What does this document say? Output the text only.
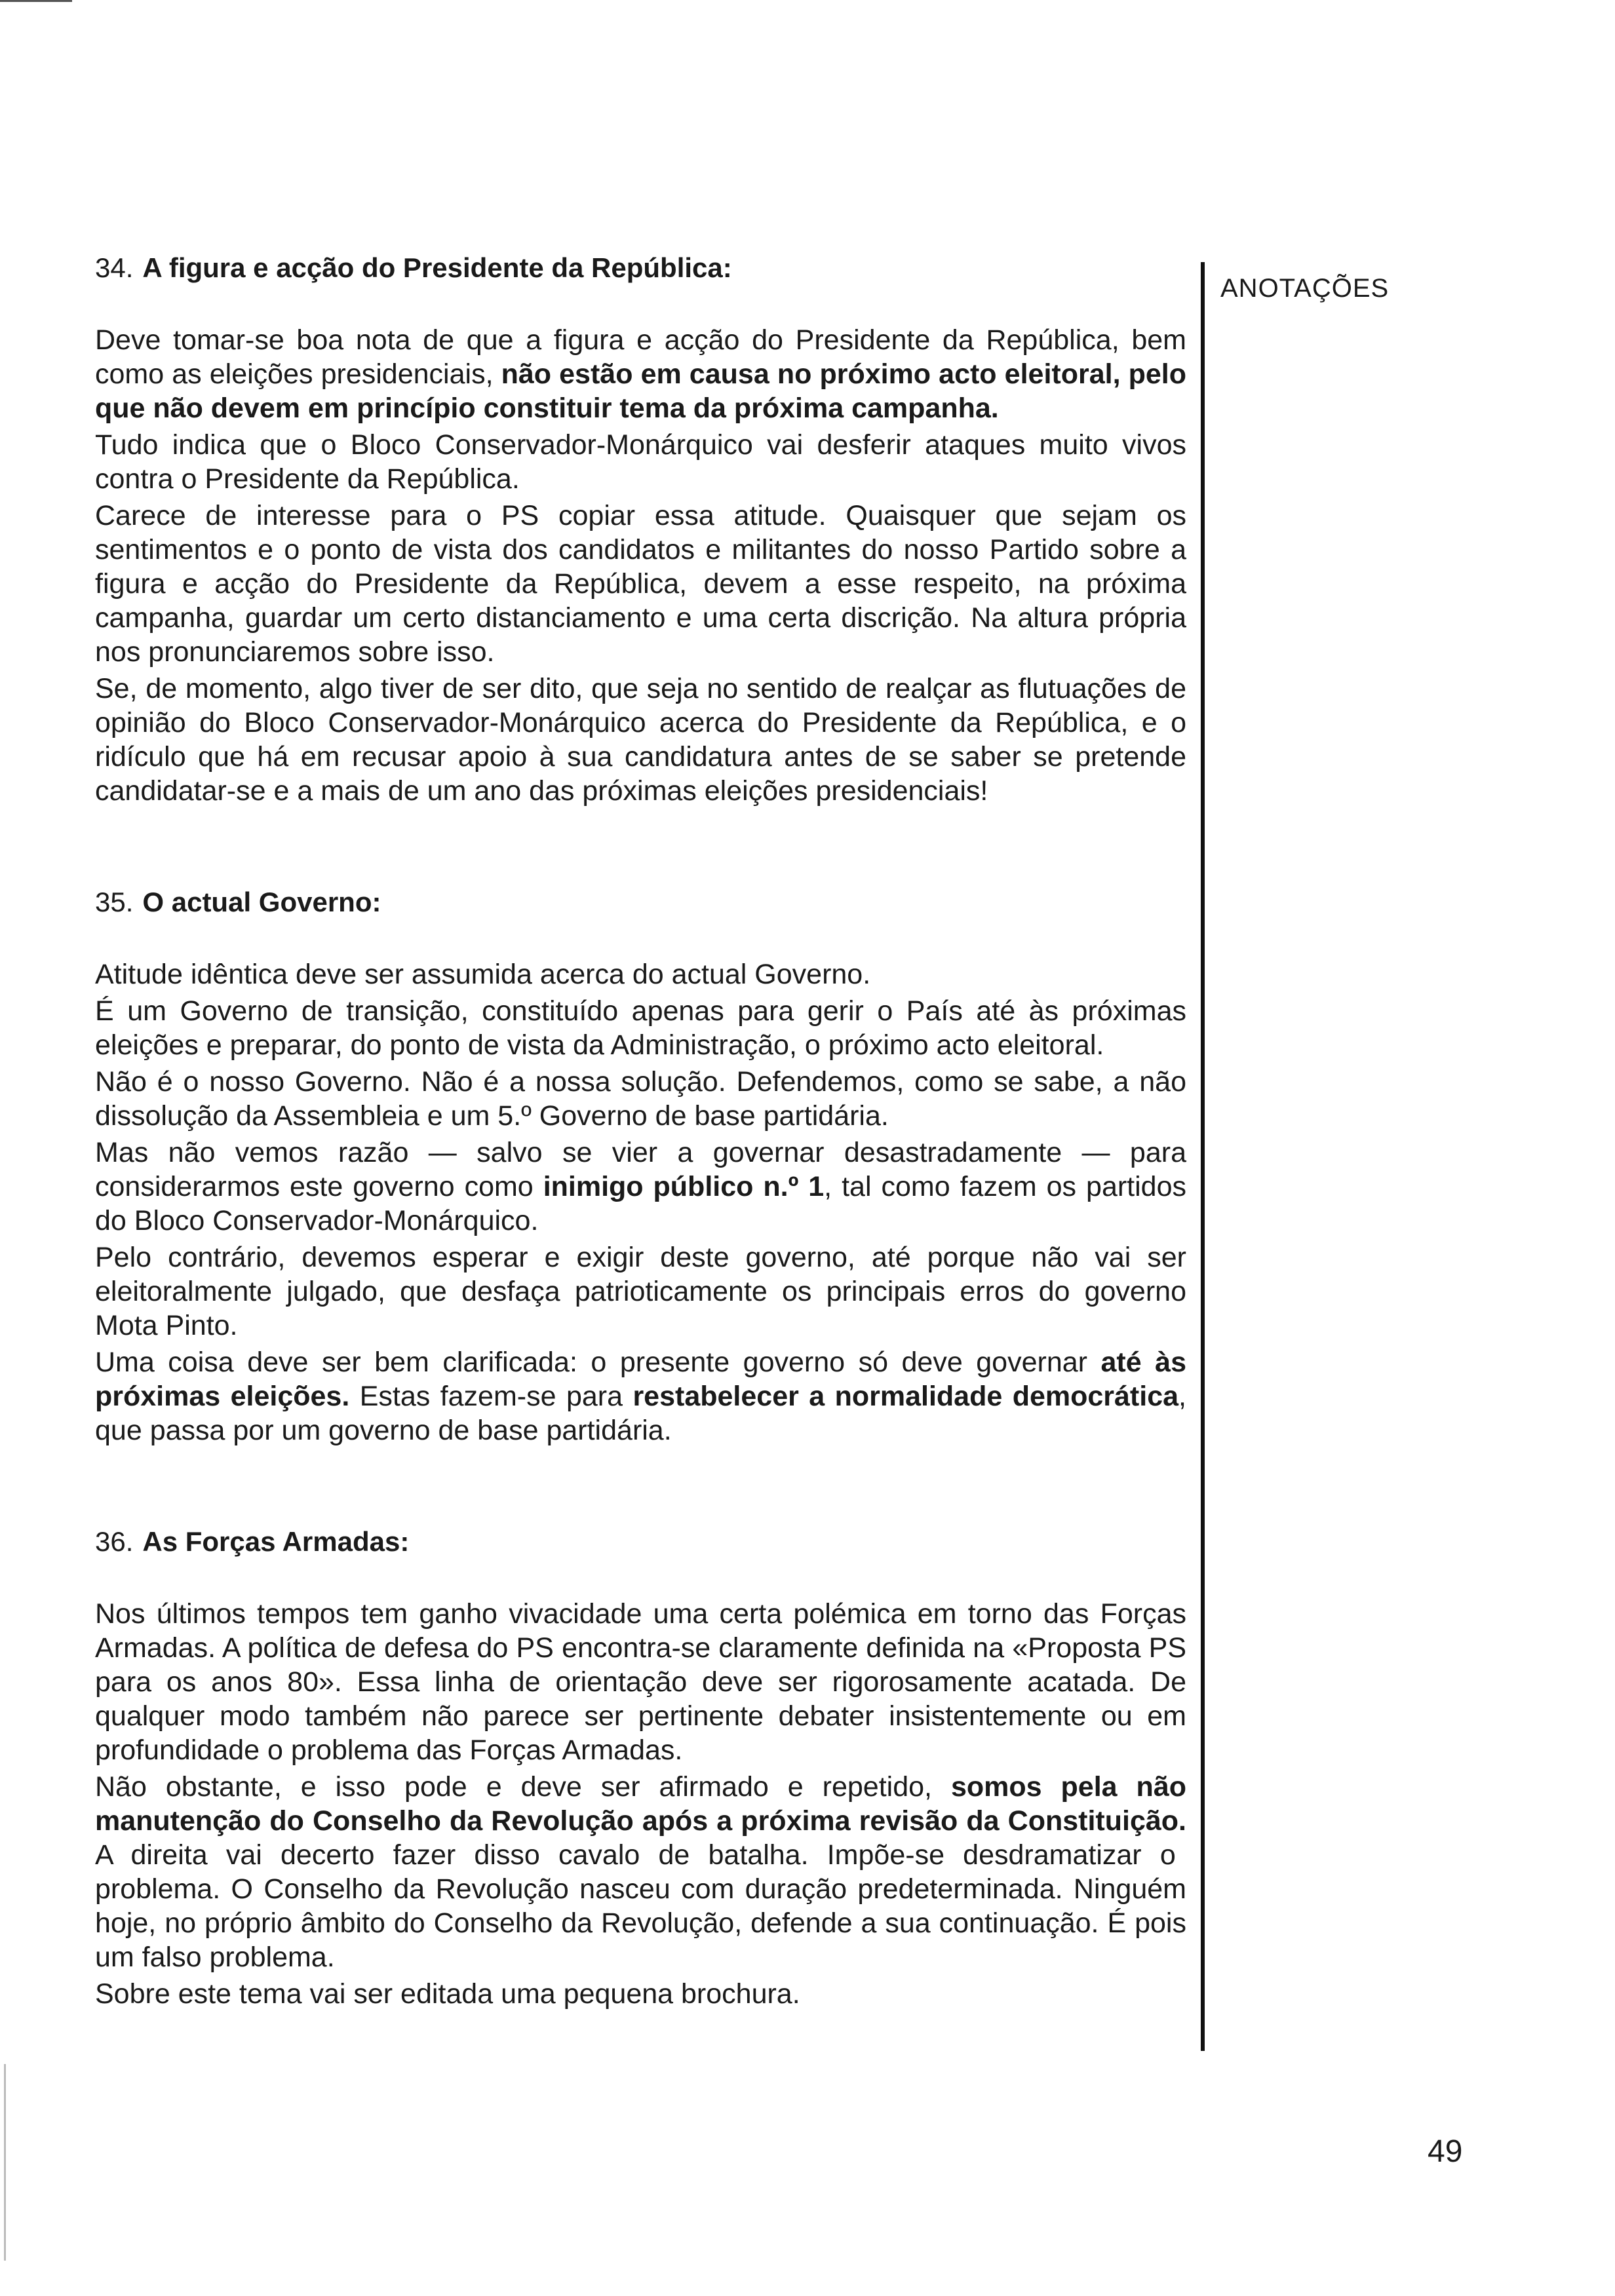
ANOTAÇÕES
34. A figura e acção do Presidente da República:

Deve tomar-se boa nota de que a figura e acção do Presidente da República, bem como as eleições presidenciais, não estão em causa no próximo acto eleitoral, pelo que não devem em princípio constituir tema da próxima campanha.

Tudo indica que o Bloco Conservador-Monárquico vai desferir ataques muito vivos contra o Presidente da República.

Carece de interesse para o PS copiar essa atitude. Quaisquer que sejam os sentimentos e o ponto de vista dos candidatos e militantes do nosso Partido sobre a figura e acção do Presidente da República, devem a esse respeito, na próxima campanha, guardar um certo distanciamento e uma certa discrição. Na altura própria nos pronunciaremos sobre isso.

Se, de momento, algo tiver de ser dito, que seja no sentido de realçar as flutuações de opinião do Bloco Conservador-Monárquico acerca do Presidente da República, e o ridículo que há em recusar apoio à sua candidatura antes de se saber se pretende candidatar-se e a mais de um ano das próximas eleições presidenciais!

35. O actual Governo:

Atitude idêntica deve ser assumida acerca do actual Governo.

É um Governo de transição, constituído apenas para gerir o País até às próximas eleições e preparar, do ponto de vista da Administração, o próximo acto eleitoral.

Não é o nosso Governo. Não é a nossa solução. Defendemos, como se sabe, a não dissolução da Assembleia e um 5.º Governo de base partidária.

Mas não vemos razão — salvo se vier a governar desastradamente — para considerarmos este governo como inimigo público n.º 1, tal como fazem os partidos do Bloco Conservador-Monárquico.

Pelo contrário, devemos esperar e exigir deste governo, até porque não vai ser eleitoralmente julgado, que desfaça patrioticamente os principais erros do governo Mota Pinto.

Uma coisa deve ser bem clarificada: o presente governo só deve governar até às próximas eleições. Estas fazem-se para restabelecer a normalidade democrática, que passa por um governo de base partidária.

36. As Forças Armadas:

Nos últimos tempos tem ganho vivacidade uma certa polémica em torno das Forças Armadas. A política de defesa do PS encontra-se claramente definida na «Proposta PS para os anos 80». Essa linha de orientação deve ser rigorosamente acatada. De qualquer modo também não parece ser pertinente debater insistentemente ou em profundidade o problema das Forças Armadas.

Não obstante, e isso pode e deve ser afirmado e repetido, somos pela não manutenção do Conselho da Revolução após a próxima revisão da Constituição. A direita vai decerto fazer disso cavalo de batalha. Impõe-se desdramatizar o problema. O Conselho da Revolução nasceu com duração predeterminada. Ninguém hoje, no próprio âmbito do Conselho da Revolução, defende a sua continuação. É pois um falso problema.

Sobre este tema vai ser editada uma pequena brochura.

49
